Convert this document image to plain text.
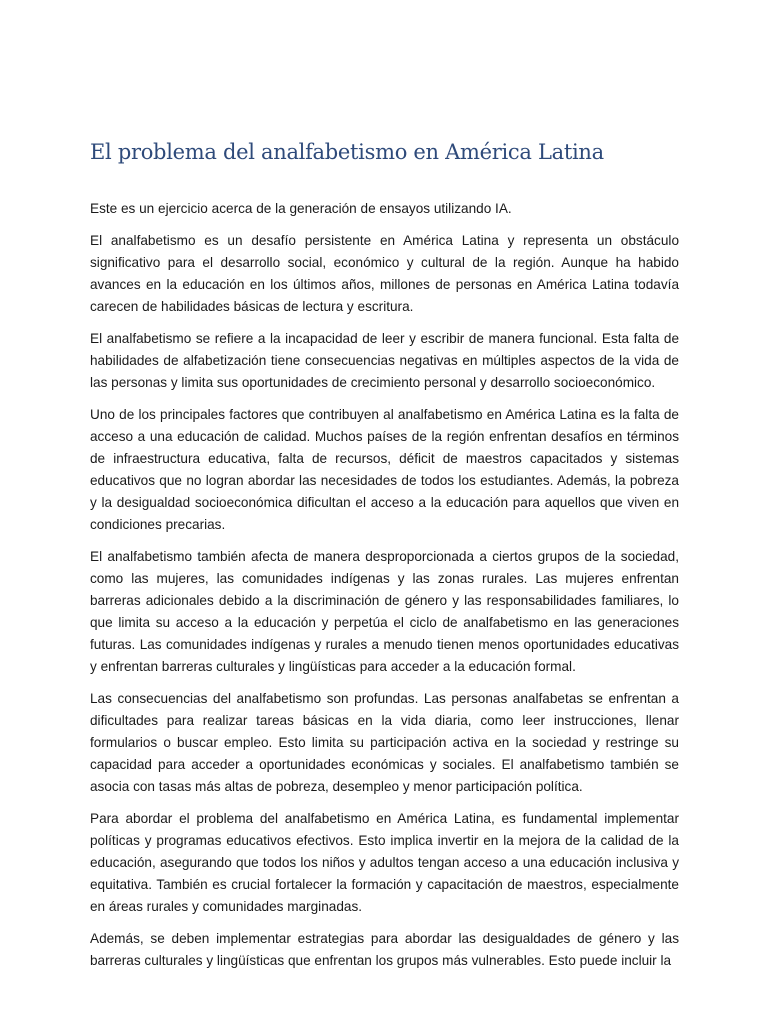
El problema del analfabetismo en América Latina

Este es un ejercicio acerca de la generación de ensayos utilizando IA.

El analfabetismo es un desafío persistente en América Latina y representa un obstáculo significativo para el desarrollo social, económico y cultural de la región. Aunque ha habido avances en la educación en los últimos años, millones de personas en América Latina todavía carecen de habilidades básicas de lectura y escritura.

El analfabetismo se refiere a la incapacidad de leer y escribir de manera funcional. Esta falta de habilidades de alfabetización tiene consecuencias negativas en múltiples aspectos de la vida de las personas y limita sus oportunidades de crecimiento personal y desarrollo socioeconómico.

Uno de los principales factores que contribuyen al analfabetismo en América Latina es la falta de acceso a una educación de calidad. Muchos países de la región enfrentan desafíos en términos de infraestructura educativa, falta de recursos, déficit de maestros capacitados y sistemas educativos que no logran abordar las necesidades de todos los estudiantes. Además, la pobreza y la desigualdad socioeconómica dificultan el acceso a la educación para aquellos que viven en condiciones precarias.

El analfabetismo también afecta de manera desproporcionada a ciertos grupos de la sociedad, como las mujeres, las comunidades indígenas y las zonas rurales. Las mujeres enfrentan barreras adicionales debido a la discriminación de género y las responsabilidades familiares, lo que limita su acceso a la educación y perpetúa el ciclo de analfabetismo en las generaciones futuras. Las comunidades indígenas y rurales a menudo tienen menos oportunidades educativas y enfrentan barreras culturales y lingüísticas para acceder a la educación formal.

Las consecuencias del analfabetismo son profundas. Las personas analfabetas se enfrentan a dificultades para realizar tareas básicas en la vida diaria, como leer instrucciones, llenar formularios o buscar empleo. Esto limita su participación activa en la sociedad y restringe su capacidad para acceder a oportunidades económicas y sociales. El analfabetismo también se asocia con tasas más altas de pobreza, desempleo y menor participación política.

Para abordar el problema del analfabetismo en América Latina, es fundamental implementar políticas y programas educativos efectivos. Esto implica invertir en la mejora de la calidad de la educación, asegurando que todos los niños y adultos tengan acceso a una educación inclusiva y equitativa. También es crucial fortalecer la formación y capacitación de maestros, especialmente en áreas rurales y comunidades marginadas.

Además, se deben implementar estrategias para abordar las desigualdades de género y las barreras culturales y lingüísticas que enfrentan los grupos más vulnerables. Esto puede incluir la
